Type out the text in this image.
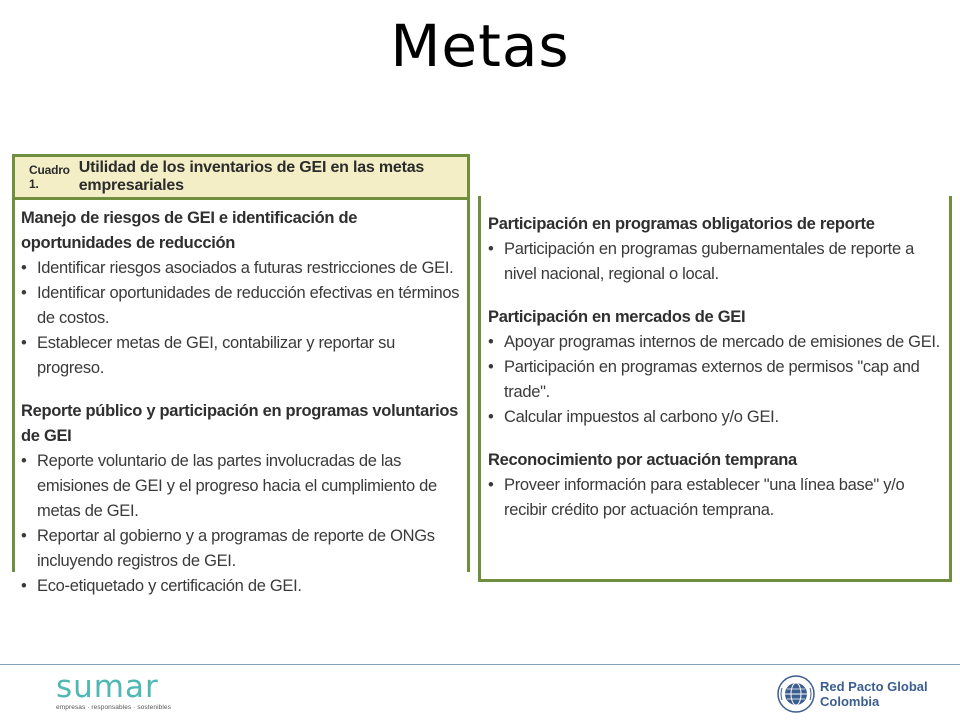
Metas
Cuadro 1.
Utilidad de los inventarios de GEI en las metas empresariales
Manejo de riesgos de GEI e identificación de oportunidades de reducción
• Identificar riesgos asociados a futuras restricciones de GEI.
• Identificar oportunidades de reducción efectivas en términos de costos.
• Establecer metas de GEI, contabilizar y reportar su progreso.
Reporte público y participación en programas voluntarios de GEI
• Reporte voluntario de las partes involucradas de las emisiones de GEI y el progreso hacia el cumplimiento de metas de GEI.
• Reportar al gobierno y a programas de reporte de ONGs incluyendo registros de GEI.
• Eco-etiquetado y certificación de GEI.
Participación en programas obligatorios de reporte
• Participación en programas gubernamentales de reporte a nivel nacional, regional o local.
Participación en mercados de GEI
• Apoyar programas internos de mercado de emisiones de GEI.
• Participación en programas externos de permisos "cap and trade".
• Calcular impuestos al carbono y/o GEI.
Reconocimiento por actuación temprana
• Proveer información para establecer "una línea base" y/o recibir crédito por actuación temprana.
sumar
empresas · responsables · sostenibles
Red Pacto Global
Colombia
